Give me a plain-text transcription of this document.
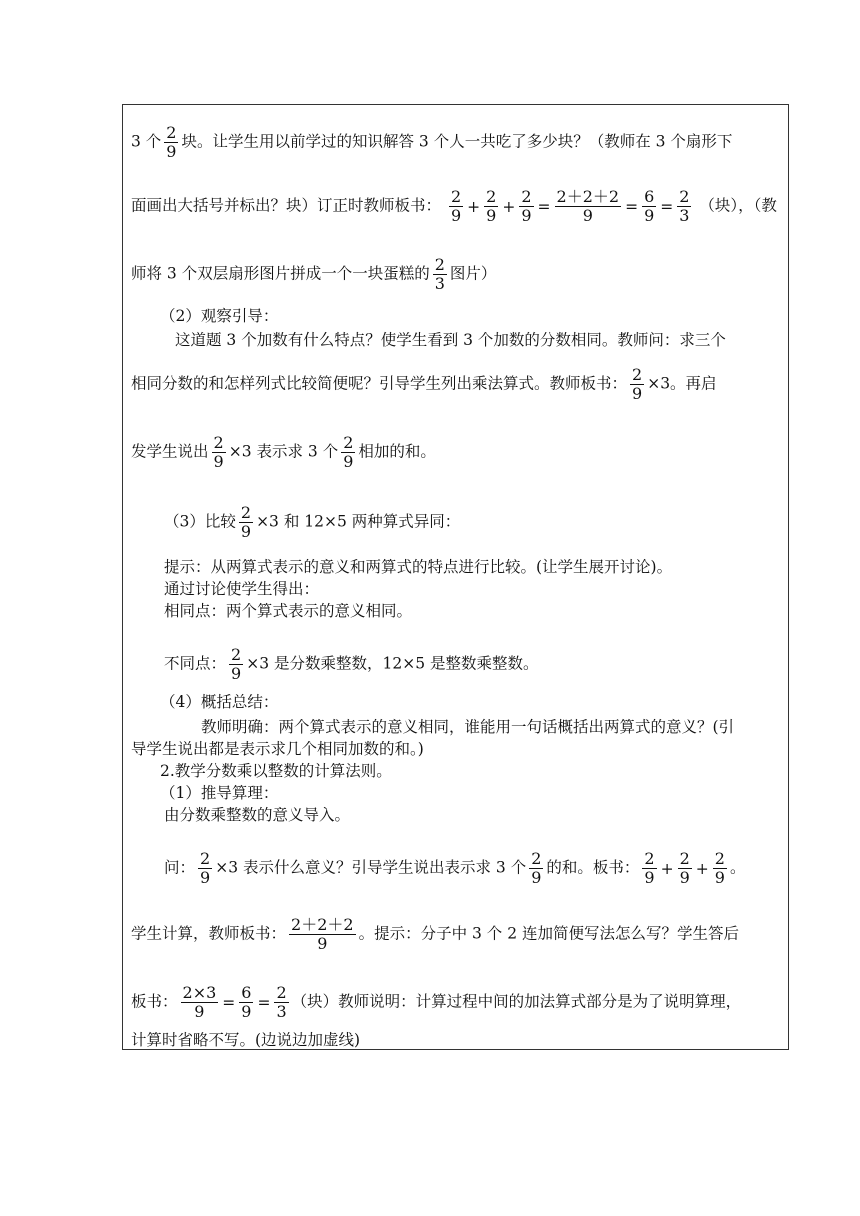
3 个 $\frac{2}{9}$ 块。让学生用以前学过的知识解答 3 个人一共吃了多少块？（教师在 3 个扇形下
面画出大括号并标出？块）订正时教师板书： $\frac{2}{9} + \frac{2}{9} + \frac{2}{9} = \frac{2+2+2}{9} = \frac{6}{9} = \frac{2}{3}$ （块），（教
师将 3 个双层扇形图片拼成一个一块蛋糕的 $\frac{2}{3}$ 图片）
（2）观察引导：
这道题 3 个加数有什么特点？使学生看到 3 个加数的分数相同。教师问：求三个
相同分数的和怎样列式比较简便呢？引导学生列出乘法算式。教师板书： $\frac{2}{9} \times 3$。再启
发学生说出 $\frac{2}{9} \times 3$ 表示求 3 个 $\frac{2}{9}$ 相加的和。
（3）比较 $\frac{2}{9} \times 3$ 和 12×5 两种算式异同：
提示：从两算式表示的意义和两算式的特点进行比较。(让学生展开讨论)。
通过讨论使学生得出：
相同点：两个算式表示的意义相同。
不同点： $\frac{2}{9} \times 3$ 是分数乘整数，12×5 是整数乘整数。
（4）概括总结：
教师明确：两个算式表示的意义相同，谁能用一句话概括出两算式的意义？(引
导学生说出都是表示求几个相同加数的和。)
2.教学分数乘以整数的计算法则。
（1）推导算理：
由分数乘整数的意义导入。
问： $\frac{2}{9} \times 3$ 表示什么意义？引导学生说出表示求 3 个 $\frac{2}{9}$ 的和。板书： $\frac{2}{9} + \frac{2}{9} + \frac{2}{9}$ 。
学生计算，教师板书： $\frac{2+2+2}{9}$ 。提示：分子中 3 个 2 连加简便写法怎么写？学生答后
板书： $\frac{2\times 3}{9} = \frac{6}{9} = \frac{2}{3}$ （块）教师说明：计算过程中间的加法算式部分是为了说明算理，
计算时省略不写。(边说边加虚线)
